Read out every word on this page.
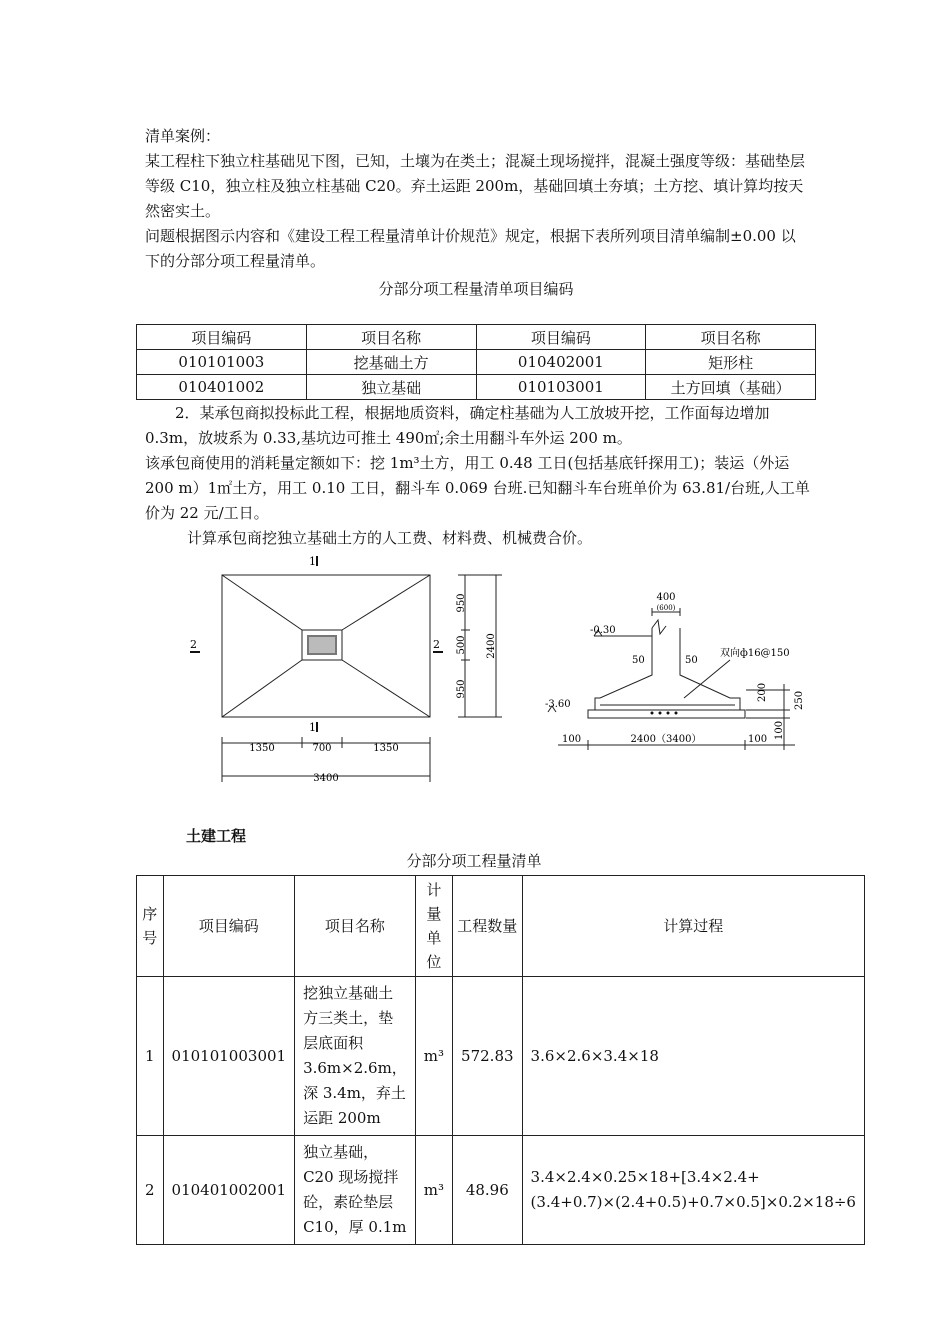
清单案例：
某工程柱下独立柱基础见下图，已知，土壤为在类土；混凝土现场搅拌，混凝土强度等级：基础垫层等级 C10，独立柱及独立柱基础 C20。弃土运距 200m，基础回填土夯填；土方挖、填计算均按天然密实土。
问题根据图示内容和《建设工程工程量清单计价规范》规定，根据下表所列项目清单编制±0.00 以下的分部分项工程量清单。
分部分项工程量清单项目编码
项目编码	项目名称	项目编码	项目名称
010101003	挖基础土方	010402001	矩形柱
010401002	独立基础	010103001	土方回填（基础）
2．某承包商拟投标此工程，根据地质资料，确定柱基础为人工放坡开挖，工作面每边增加 0.3m，放坡系为 0.33,基坑边可推土 490㎡;余土用翻斗车外运 200 m。
该承包商使用的消耗量定额如下：挖 1m³土方，用工 0.48 工日(包括基底钎探用工)；装运（外运 200 m）1㎡土方，用工 0.10 工日，翻斗车 0.069 台班.已知翻斗车台班单价为 63.81/台班,人工单价为 22 元/工日。
计算承包商挖独立基础土方的人工费、材料费、机械费合价。
1
1
2	2
950
500
950
2400
1350	700	1350
3400
400
(600)
-0.30
-3.60
50	50
双向ф16@150
200	250
100
100	2400（3400）	100
土建工程
分部分项工程量清单
序号	项目编码	项目名称	计量单位	工程数量	计算过程
1	010101003001	挖独立基础土方三类土，垫层底面积3.6m×2.6m，深 3.4m，弃土运距 200m	m³	572.83	3.6×2.6×3.4×18
2	010401002001	独立基础，C20 现场搅拌砼，素砼垫层 C10，厚 0.1m	m³	48.96	3.4×2.4×0.25×18+[3.4×2.4+(3.4+0.7)×(2.4+0.5)+0.7×0.5]×0.2×18÷6
